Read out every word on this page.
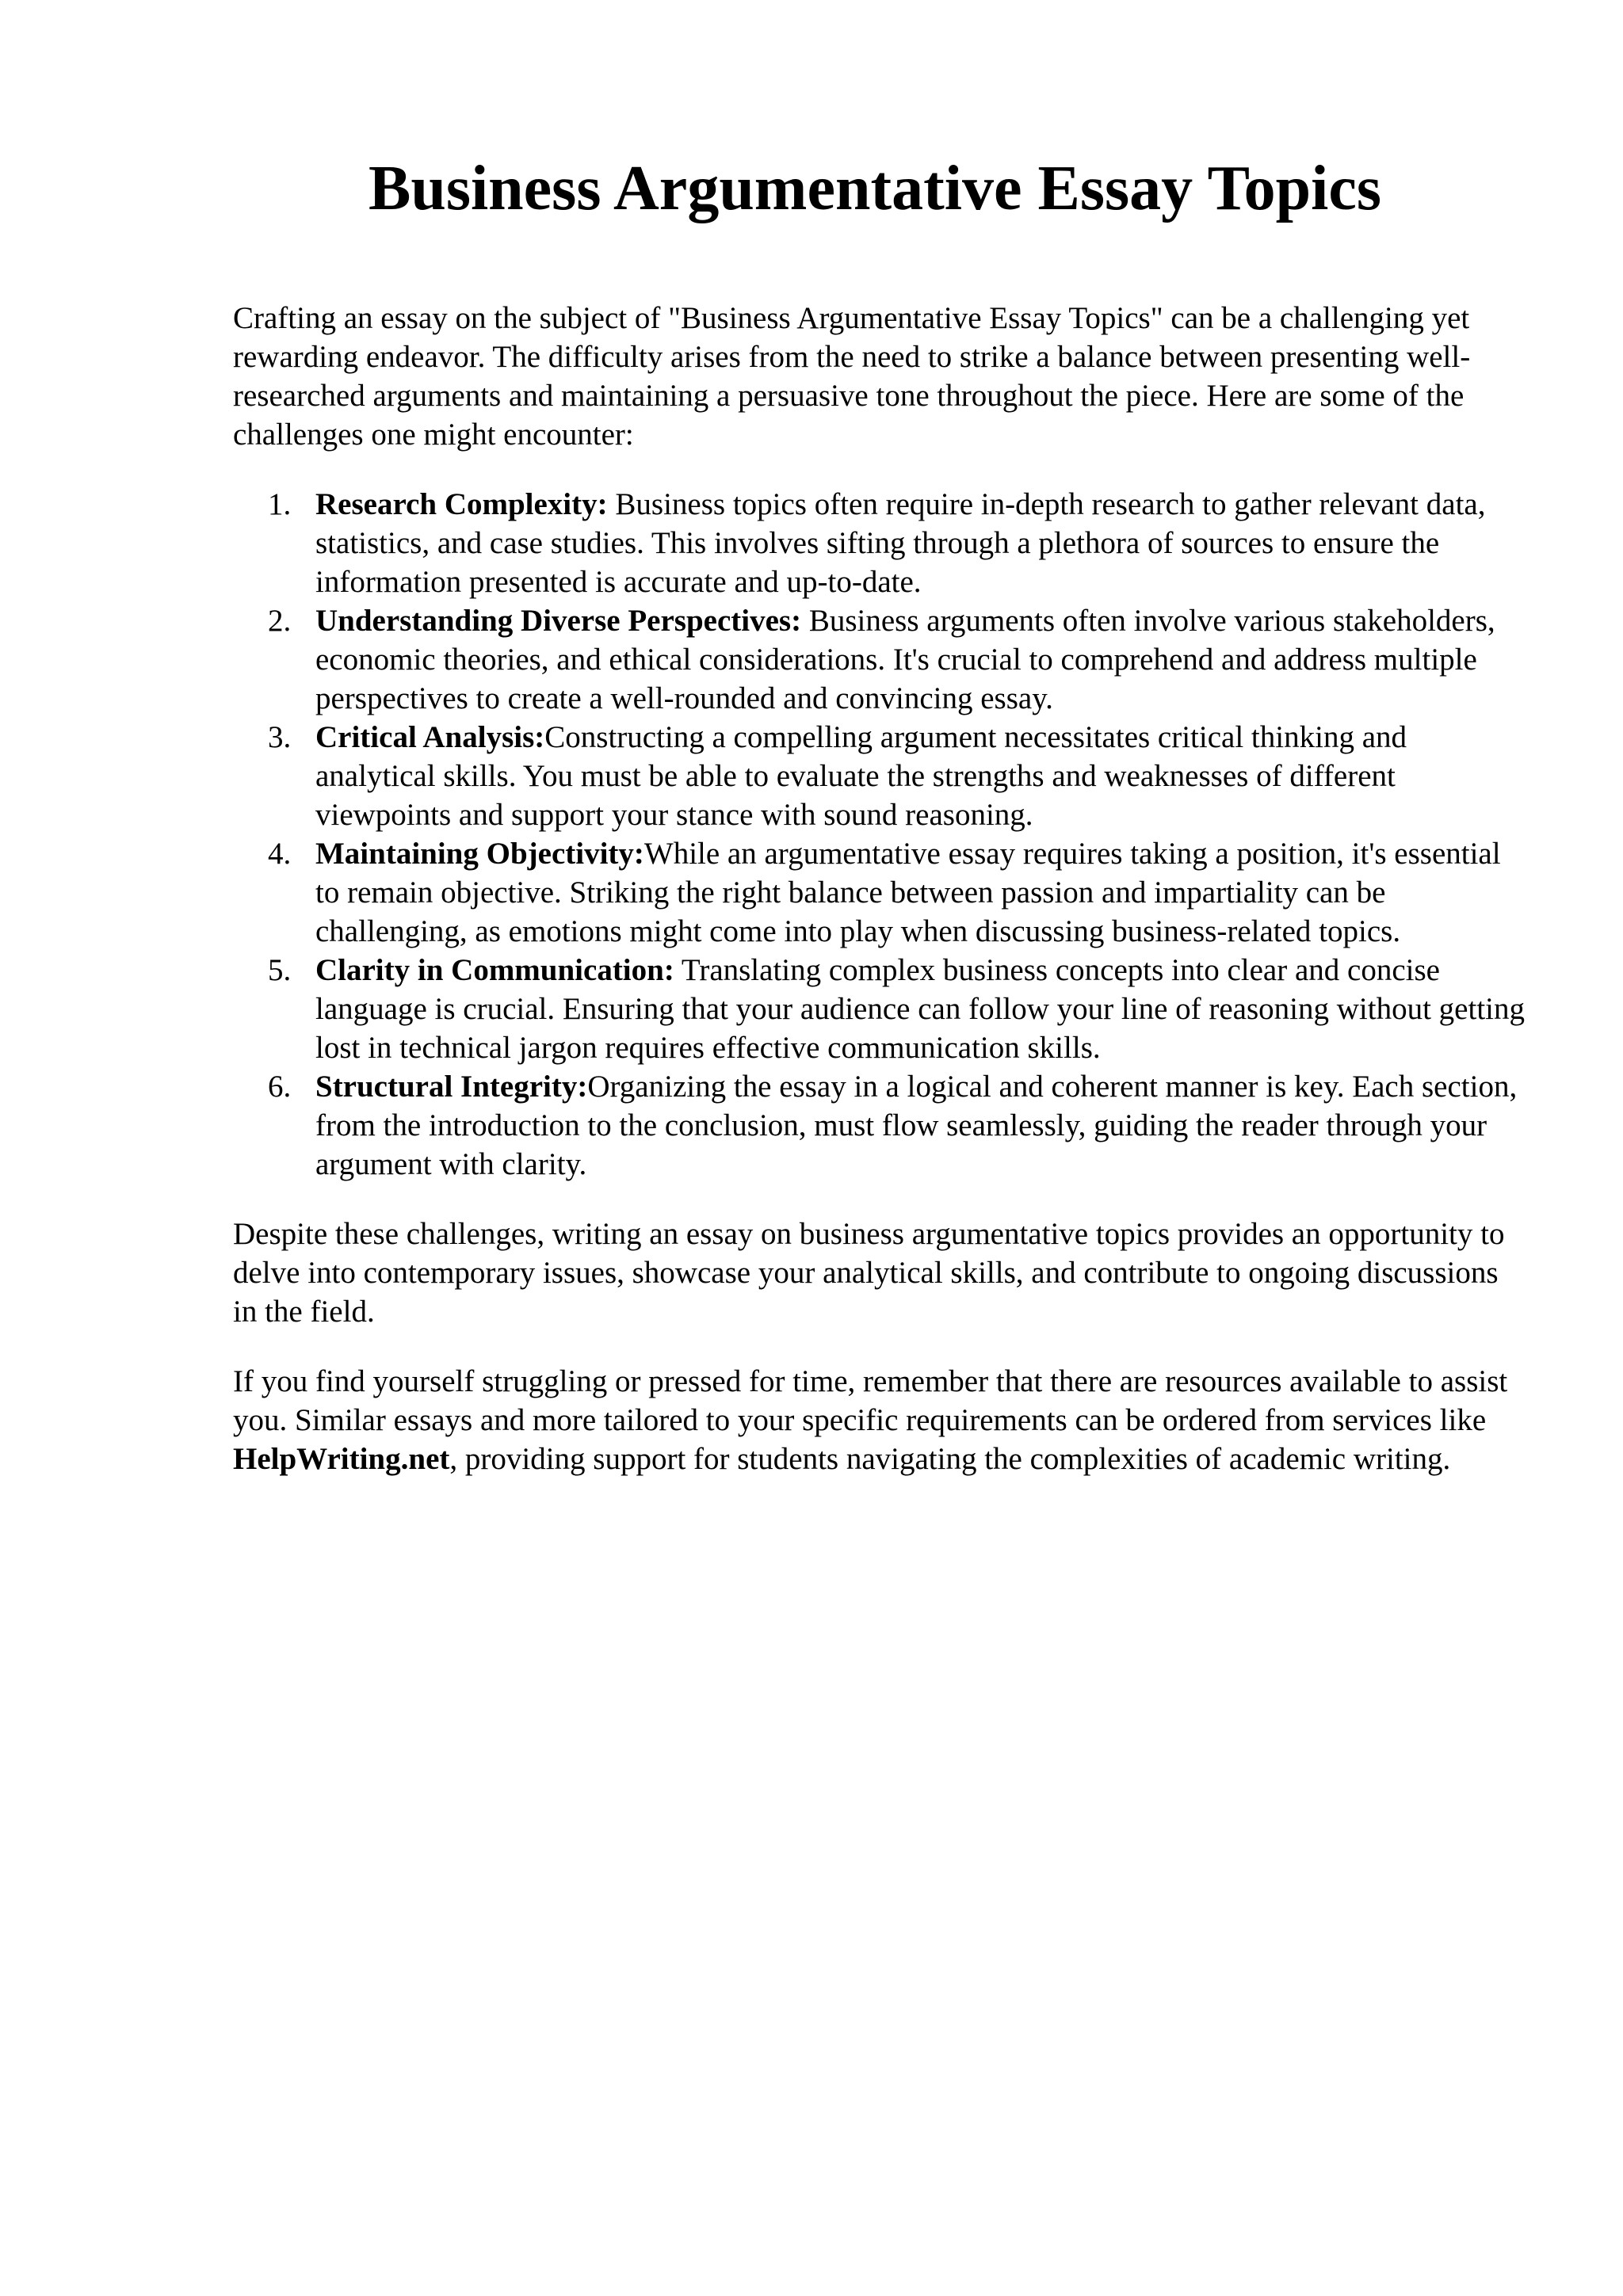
Business Argumentative Essay Topics

Crafting an essay on the subject of "Business Argumentative Essay Topics" can be a challenging yet rewarding endeavor. The difficulty arises from the need to strike a balance between presenting well-researched arguments and maintaining a persuasive tone throughout the piece. Here are some of the challenges one might encounter:

1. Research Complexity: Business topics often require in-depth research to gather relevant data, statistics, and case studies. This involves sifting through a plethora of sources to ensure the information presented is accurate and up-to-date.
2. Understanding Diverse Perspectives: Business arguments often involve various stakeholders, economic theories, and ethical considerations. It's crucial to comprehend and address multiple perspectives to create a well-rounded and convincing essay.
3. Critical Analysis:Constructing a compelling argument necessitates critical thinking and analytical skills. You must be able to evaluate the strengths and weaknesses of different viewpoints and support your stance with sound reasoning.
4. Maintaining Objectivity:While an argumentative essay requires taking a position, it's essential to remain objective. Striking the right balance between passion and impartiality can be challenging, as emotions might come into play when discussing business-related topics.
5. Clarity in Communication: Translating complex business concepts into clear and concise language is crucial. Ensuring that your audience can follow your line of reasoning without getting lost in technical jargon requires effective communication skills.
6. Structural Integrity:Organizing the essay in a logical and coherent manner is key. Each section, from the introduction to the conclusion, must flow seamlessly, guiding the reader through your argument with clarity.

Despite these challenges, writing an essay on business argumentative topics provides an opportunity to delve into contemporary issues, showcase your analytical skills, and contribute to ongoing discussions in the field.

If you find yourself struggling or pressed for time, remember that there are resources available to assist you. Similar essays and more tailored to your specific requirements can be ordered from services like HelpWriting.net, providing support for students navigating the complexities of academic writing.
